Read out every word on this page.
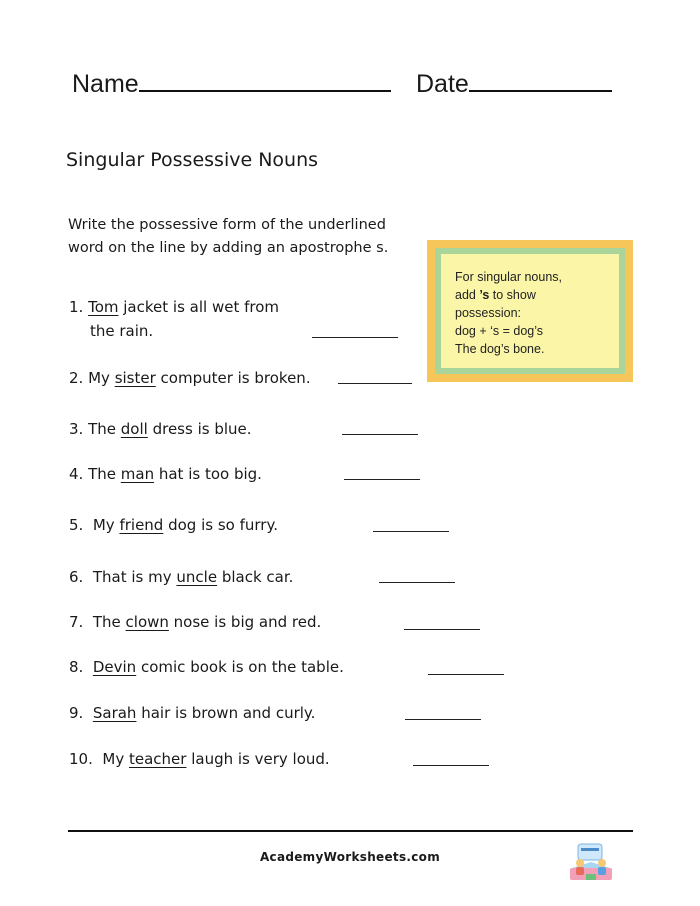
Name	Date
Singular Possessive Nouns
Write the possessive form of the underlined
word on the line by adding an apostrophe s.
For singular nouns,
add ’s to show
possession:
dog + ‘s = dog’s
The dog’s bone.
1. Tom jacket is all wet from
the rain.
2. My sister computer is broken.
3. The doll dress is blue.
4. The man hat is too big.
5. My friend dog is so furry.
6. That is my uncle black car.
7. The clown nose is big and red.
8. Devin comic book is on the table.
9. Sarah hair is brown and curly.
10. My teacher laugh is very loud.
AcademyWorksheets.com
